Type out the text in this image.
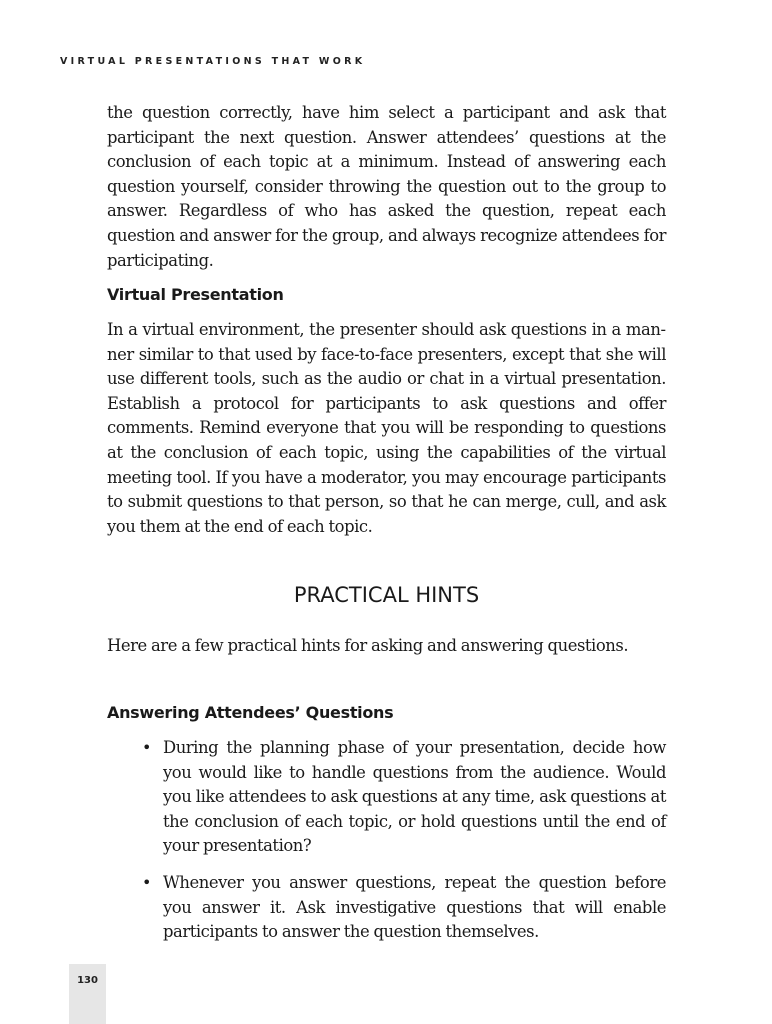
VIRTUAL PRESENTATIONS THAT WORK

the question correctly, have him select a participant and ask that participant the next question. Answer attendees’ questions at the conclusion of each topic at a minimum. Instead of answering each question yourself, consider throwing the question out to the group to answer. Regardless of who has asked the question, repeat each question and answer for the group, and always recognize attendees for participating.

Virtual Presentation

In a virtual environment, the presenter should ask questions in a manner similar to that used by face-to-face presenters, except that she will use different tools, such as the audio or chat in a virtual presentation. Establish a protocol for participants to ask questions and offer comments. Remind everyone that you will be responding to questions at the conclusion of each topic, using the capabilities of the virtual meeting tool. If you have a moderator, you may encourage participants to submit questions to that person, so that he can merge, cull, and ask you them at the end of each topic.

PRACTICAL HINTS

Here are a few practical hints for asking and answering questions.

Answering Attendees’ Questions
• During the planning phase of your presentation, decide how you would like to handle questions from the audience. Would you like attendees to ask questions at any time, ask questions at the conclusion of each topic, or hold questions until the end of your presentation?
• Whenever you answer questions, repeat the question before you answer it. Ask investigative questions that will enable participants to answer the question themselves.
130
